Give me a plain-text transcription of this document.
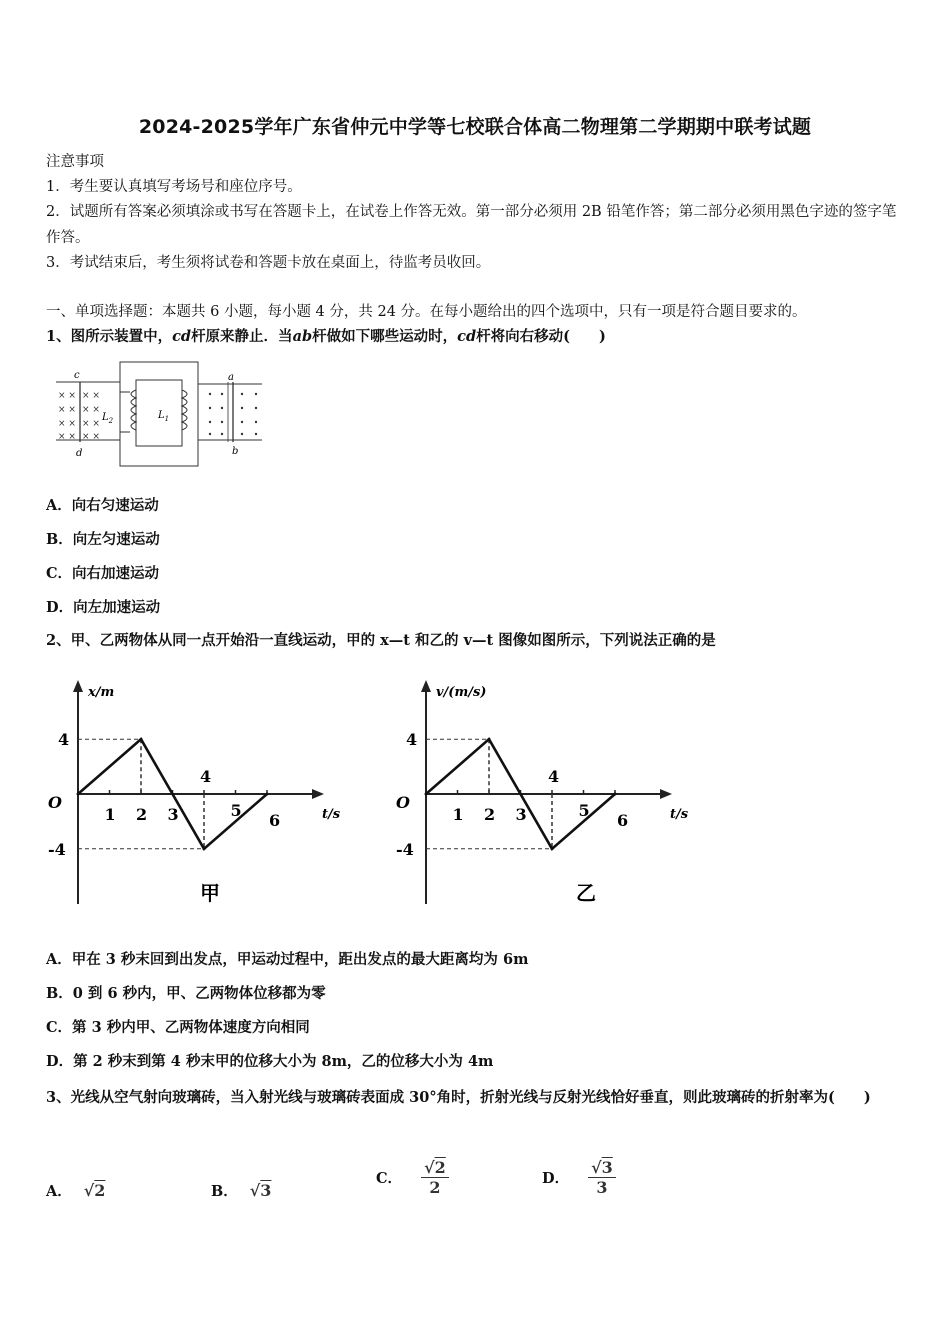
2024-2025学年广东省仲元中学等七校联合体高二物理第二学期期中联考试题
注意事项
1．考生要认真填写考场号和座位序号。
2．试题所有答案必须填涂或书写在答题卡上，在试卷上作答无效。第一部分必须用 2B 铅笔作答；第二部分必须用黑色字迹的签字笔作答。
3．考试结束后，考生须将试卷和答题卡放在桌面上，待监考员收回。
一、单项选择题：本题共 6 小题，每小题 4 分，共 24 分。在每小题给出的四个选项中，只有一项是符合题目要求的。
1、图所示装置中，cd杆原来静止．当ab杆做如下哪些运动时，cd杆将向右移动(　　)
× × × ×
× × × ×
× × × ×
× × × ×
c
d
$L_2$	$L_1$
a
b
A．向右匀速运动
B．向左匀速运动
C．向右加速运动
D．向左加速运动
2、甲、乙两物体从同一点开始沿一直线运动，甲的 x—t 和乙的 v—t 图像如图所示，下列说法正确的是
x/m
t/s
O
4
-4
1 2 3
4
5
6
甲
v/(m/s)
t/s
O
4
-4
1 2 3
4
5
6
乙
A．甲在 3 秒末回到出发点，甲运动过程中，距出发点的最大距离均为 6m
B．0 到 6 秒内，甲、乙两物体位移都为零
C．第 3 秒内甲、乙两物体速度方向相同
D．第 2 秒末到第 4 秒末甲的位移大小为 8m，乙的位移大小为 4m
3、光线从空气射向玻璃砖，当入射光线与玻璃砖表面成 30°角时，折射光线与反射光线恰好垂直，则此玻璃砖的折射率为(　　)
A． √2	B． √3
C． $\frac{√2}{2}$	D． $\frac{√3}{3}$
